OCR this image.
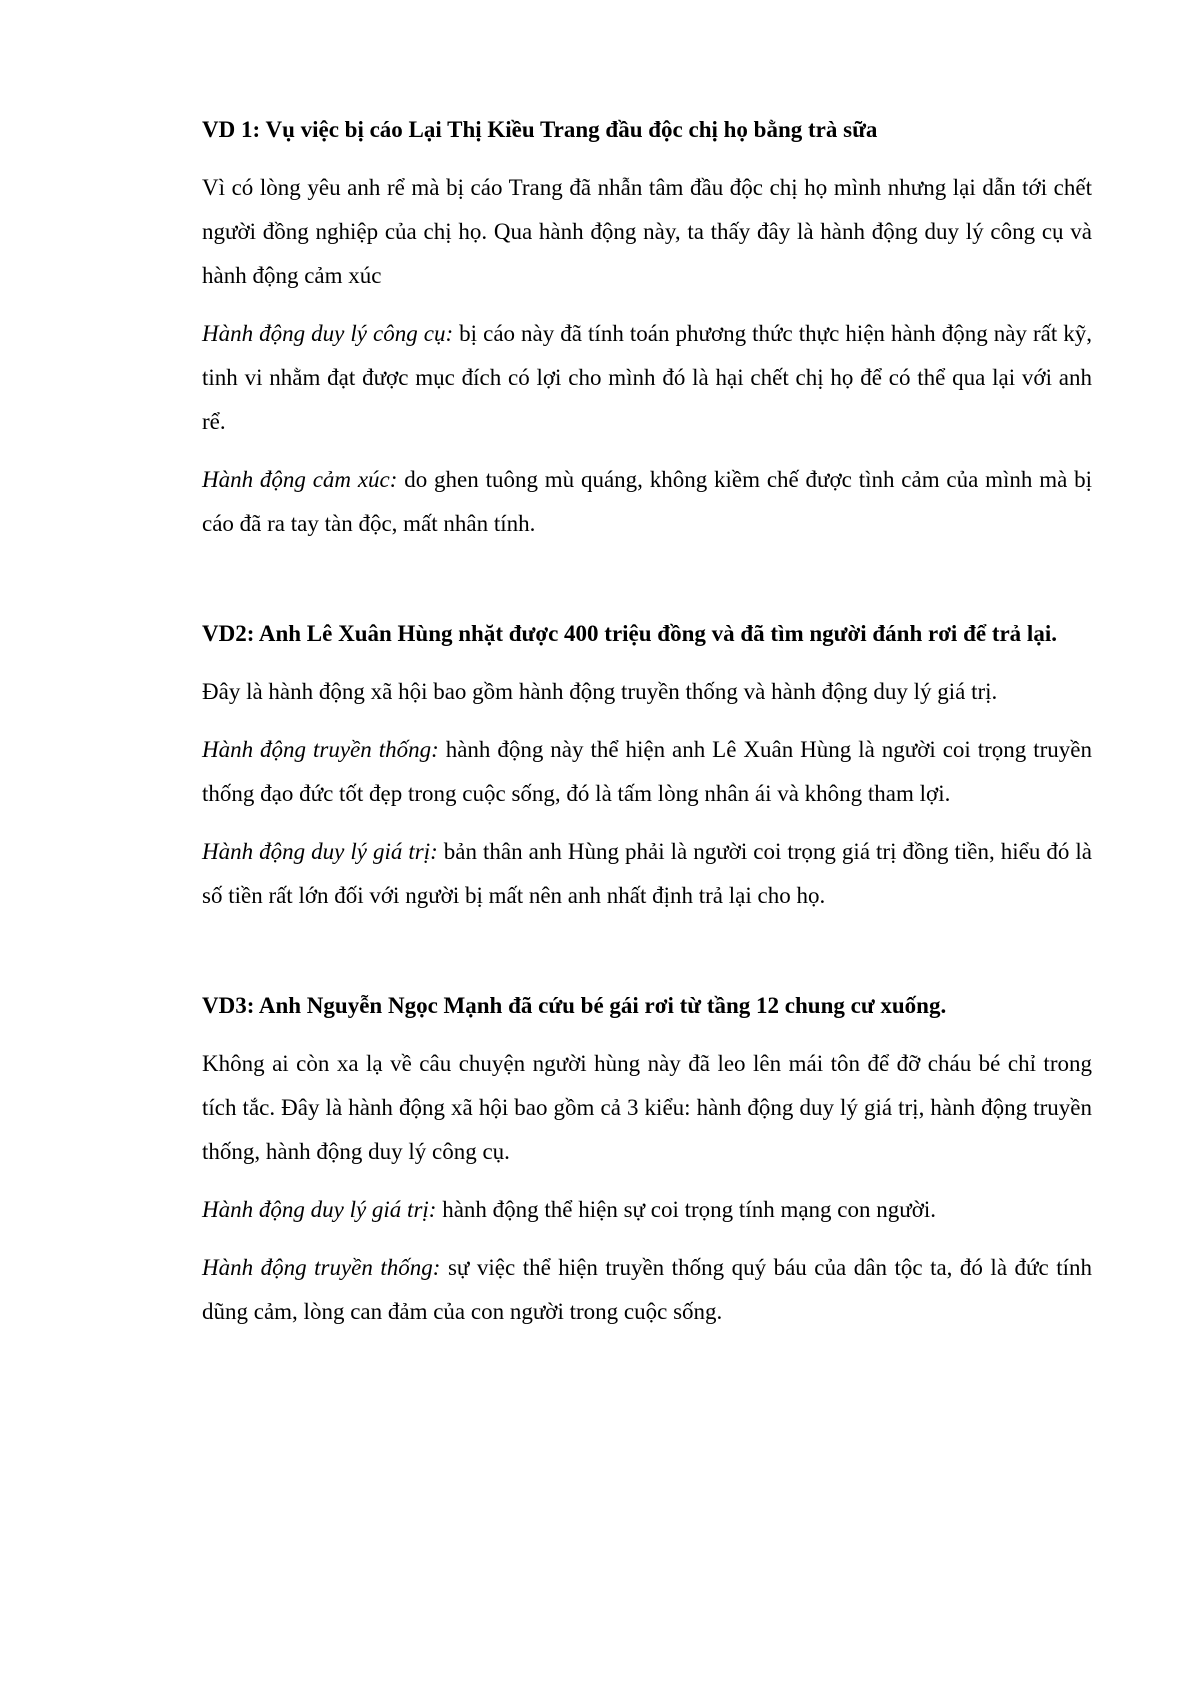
VD 1: Vụ việc bị cáo Lại Thị Kiều Trang đầu độc chị họ bằng trà sữa

Vì có lòng yêu anh rể mà bị cáo Trang đã nhẫn tâm đầu độc chị họ mình nhưng lại dẫn tới chết người đồng nghiệp của chị họ. Qua hành động này, ta thấy đây là hành động duy lý công cụ và hành động cảm xúc

Hành động duy lý công cụ: bị cáo này đã tính toán phương thức thực hiện hành động này rất kỹ, tinh vi nhằm đạt được mục đích có lợi cho mình đó là hại chết chị họ để có thể qua lại với anh rể.

Hành động cảm xúc: do ghen tuông mù quáng, không kiềm chế được tình cảm của mình mà bị cáo đã ra tay tàn độc, mất nhân tính.

VD2: Anh Lê Xuân Hùng nhặt được 400 triệu đồng và đã tìm người đánh rơi để trả lại.

Đây là hành động xã hội bao gồm hành động truyền thống và hành động duy lý giá trị.

Hành động truyền thống: hành động này thể hiện anh Lê Xuân Hùng là người coi trọng truyền thống đạo đức tốt đẹp trong cuộc sống, đó là tấm lòng nhân ái và không tham lợi.

Hành động duy lý giá trị: bản thân anh Hùng phải là người coi trọng giá trị đồng tiền, hiểu đó là số tiền rất lớn đối với người bị mất nên anh nhất định trả lại cho họ.

VD3: Anh Nguyễn Ngọc Mạnh đã cứu bé gái rơi từ tầng 12 chung cư xuống.

Không ai còn xa lạ về câu chuyện người hùng này đã leo lên mái tôn để đỡ cháu bé chỉ trong tích tắc. Đây là hành động xã hội bao gồm cả 3 kiểu: hành động duy lý giá trị, hành động truyền thống, hành động duy lý công cụ.

Hành động duy lý giá trị: hành động thể hiện sự coi trọng tính mạng con người.

Hành động truyền thống: sự việc thể hiện truyền thống quý báu của dân tộc ta, đó là đức tính dũng cảm, lòng can đảm của con người trong cuộc sống.
